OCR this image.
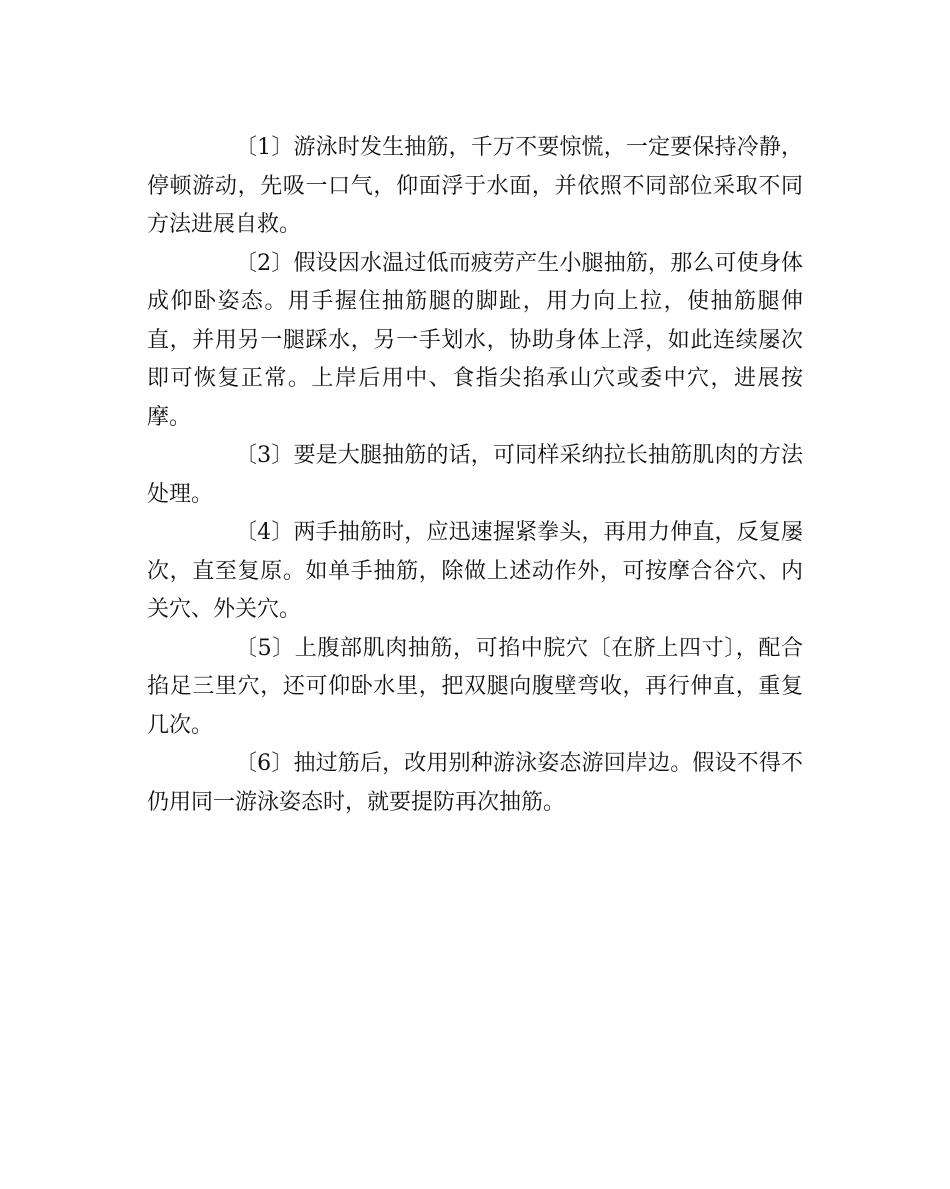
〔1〕游泳时发生抽筋，千万不要惊慌，一定要保持冷静，停顿游动，先吸一口气，仰面浮于水面，并依照不同部位采取不同方法进展自救。

〔2〕假设因水温过低而疲劳产生小腿抽筋，那么可使身体成仰卧姿态。用手握住抽筋腿的脚趾，用力向上拉，使抽筋腿伸直，并用另一腿踩水，另一手划水，协助身体上浮，如此连续屡次即可恢复正常。上岸后用中、食指尖掐承山穴或委中穴，进展按摩。

〔3〕要是大腿抽筋的话，可同样采纳拉长抽筋肌肉的方法处理。

〔4〕两手抽筋时，应迅速握紧拳头，再用力伸直，反复屡次，直至复原。如单手抽筋，除做上述动作外，可按摩合谷穴、内关穴、外关穴。

〔5〕上腹部肌肉抽筋，可掐中脘穴〔在脐上四寸〕，配合掐足三里穴，还可仰卧水里，把双腿向腹壁弯收，再行伸直，重复几次。

〔6〕抽过筋后，改用别种游泳姿态游回岸边。假设不得不仍用同一游泳姿态时，就要提防再次抽筋。
